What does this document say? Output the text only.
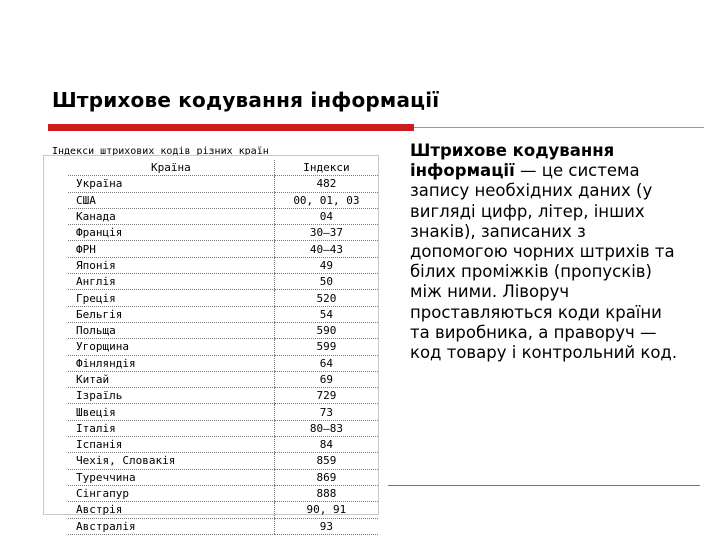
Штрихове кодування інформації
Індекси штрихових кодів різних країн
Країна	Індекси
Україна	482
США	00, 01, 03
Канада	04
Франція	30—37
ФРН	40—43
Японія	49
Англія	50
Греція	520
Бельгія	54
Польща	590
Угорщина	599
Фінляндія	64
Китай	69
Ізраїль	729
Швеція	73
Італія	80—83
Іспанія	84
Чехія, Словакія	859
Туреччина	869
Сінгапур	888
Австрія	90, 91
Австралія	93
Штрихове кодування інформації — це система запису необхідних даних (у вигляді цифр, літер, інших знаків), записаних з допомогою чорних штрихів та білих проміжків (пропусків) між ними. Ліворуч проставляються коди країни та виробника, а праворуч — код товару і контрольний код.
